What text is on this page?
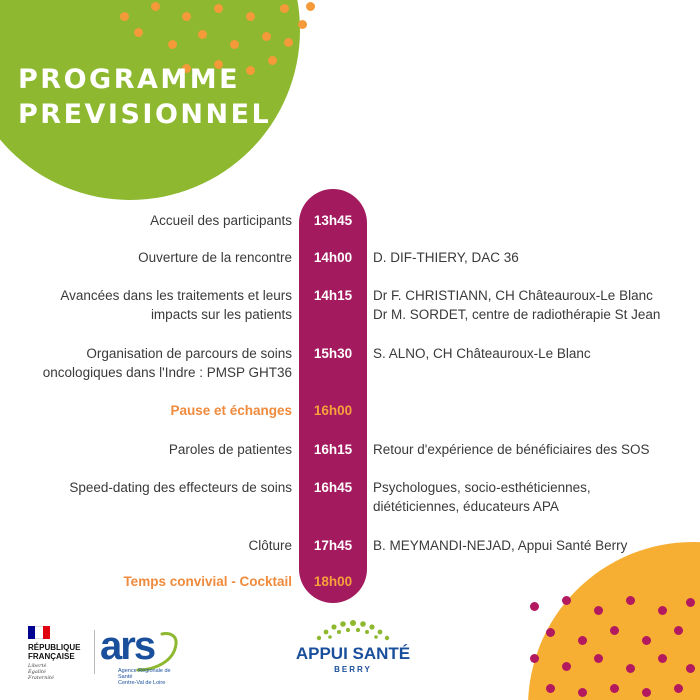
PROGRAMME
PREVISIONNEL
Accueil des participants	13h45
Ouverture de la rencontre	14h00	D. DIF-THIERY, DAC 36
Avancées dans les traitements et leurs
impacts sur les patients
14h15	Dr F. CHRISTIANN, CH Châteauroux-Le Blanc
Dr M. SORDET, centre de radiothérapie St Jean
Organisation de parcours de soins
oncologiques dans l'Indre : PMSP GHT36
15h30	S. ALNO, CH Châteauroux-Le Blanc
Pause et échanges	16h00
Paroles de patientes	16h15	Retour d'expérience de bénéficiaires des SOS
Speed-dating des effecteurs de soins	16h45	Psychologues, socio-esthéticiennes,
diététiciennes, éducateurs APA
Clôture	17h45	B. MEYMANDI-NEJAD, Appui Santé Berry
Temps convivial - Cocktail	18h00

RÉPUBLIQUE
FRANÇAISE

Liberté
Égalité
Fraternité

ars

Agence Régionale de Santé
Centre-Val de Loire

APPUI SANTÉ

BERRY
